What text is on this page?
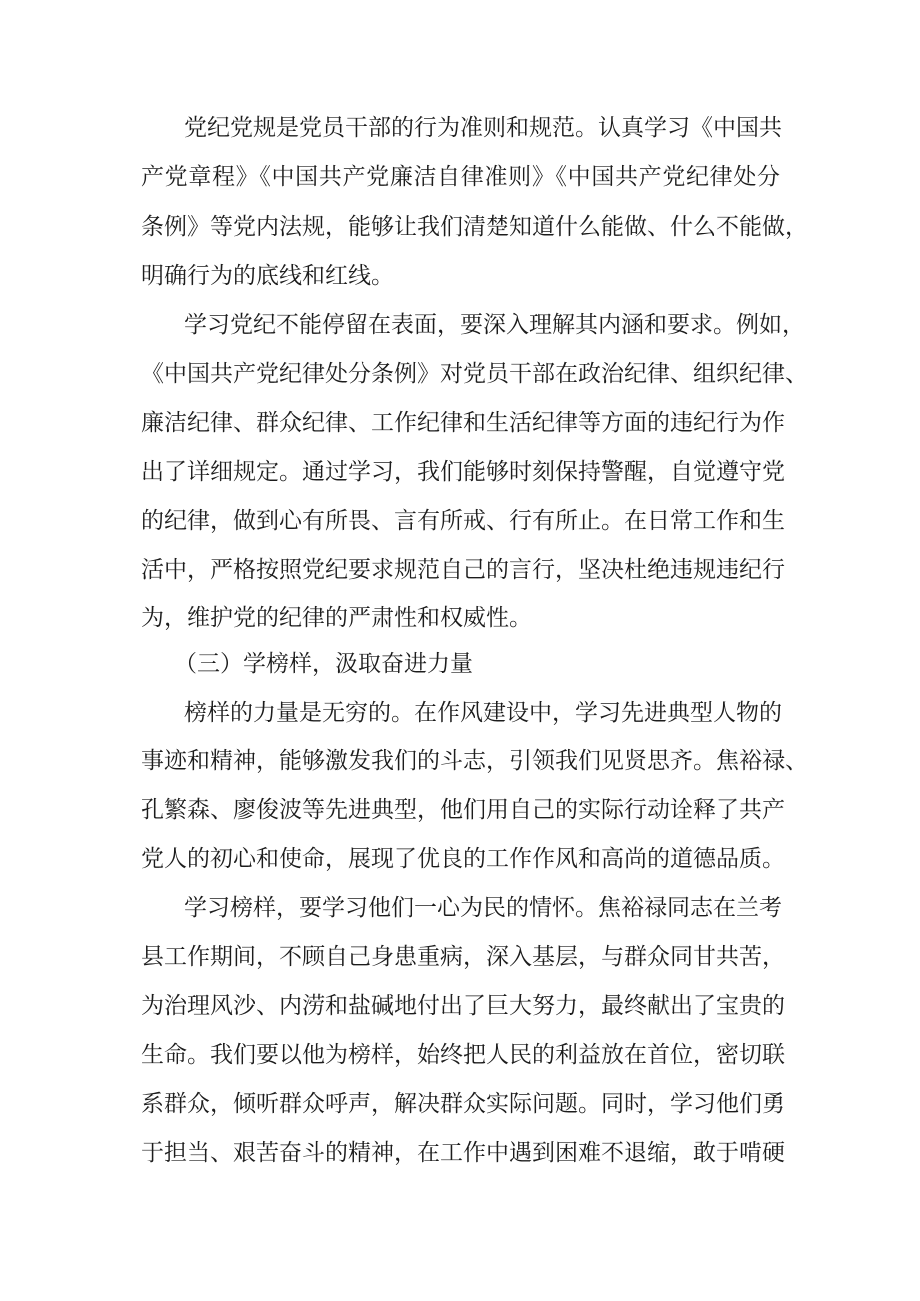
党纪党规是党员干部的行为准则和规范。认真学习《中国共
产党章程》《中国共产党廉洁自律准则》《中国共产党纪律处分
条例》等党内法规，能够让我们清楚知道什么能做、什么不能做，
明确行为的底线和红线。
学习党纪不能停留在表面，要深入理解其内涵和要求。例如，
《中国共产党纪律处分条例》对党员干部在政治纪律、组织纪律、
廉洁纪律、群众纪律、工作纪律和生活纪律等方面的违纪行为作
出了详细规定。通过学习，我们能够时刻保持警醒，自觉遵守党
的纪律，做到心有所畏、言有所戒、行有所止。在日常工作和生
活中，严格按照党纪要求规范自己的言行，坚决杜绝违规违纪行
为，维护党的纪律的严肃性和权威性。
（三）学榜样，汲取奋进力量
榜样的力量是无穷的。在作风建设中，学习先进典型人物的
事迹和精神，能够激发我们的斗志，引领我们见贤思齐。焦裕禄、
孔繁森、廖俊波等先进典型，他们用自己的实际行动诠释了共产
党人的初心和使命，展现了优良的工作作风和高尚的道德品质。
学习榜样，要学习他们一心为民的情怀。焦裕禄同志在兰考
县工作期间，不顾自己身患重病，深入基层，与群众同甘共苦，
为治理风沙、内涝和盐碱地付出了巨大努力，最终献出了宝贵的
生命。我们要以他为榜样，始终把人民的利益放在首位，密切联
系群众，倾听群众呼声，解决群众实际问题。同时，学习他们勇
于担当、艰苦奋斗的精神，在工作中遇到困难不退缩，敢于啃硬
